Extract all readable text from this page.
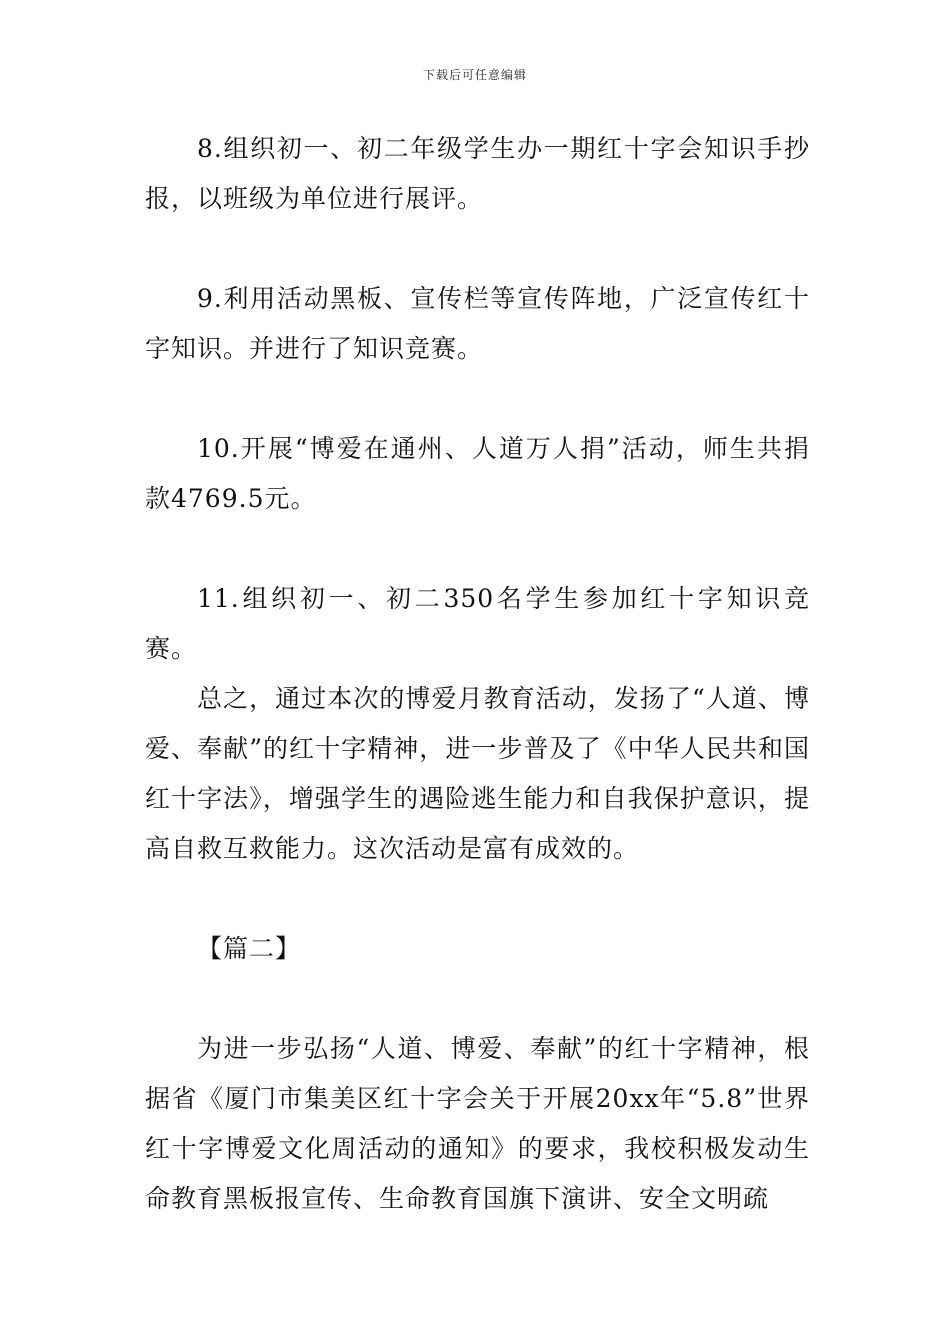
下载后可任意编辑

8.组织初一、初二年级学生办一期红十字会知识手抄报，以班级为单位进行展评。

9.利用活动黑板、宣传栏等宣传阵地，广泛宣传红十字知识。并进行了知识竞赛。

10.开展“博爱在通州、人道万人捐”活动，师生共捐款4769.5元。

11.组织初一、初二350名学生参加红十字知识竞赛。

总之，通过本次的博爱月教育活动，发扬了“人道、博爱、奉献”的红十字精神，进一步普及了《中华人民共和国红十字法》，增强学生的遇险逃生能力和自我保护意识，提高自救互救能力。这次活动是富有成效的。

【篇二】

为进一步弘扬“人道、博爱、奉献”的红十字精神，根据省《厦门市集美区红十字会关于开展20xx年“5.8”世界红十字博爱文化周活动的通知》的要求，我校积极发动生命教育黑板报宣传、生命教育国旗下演讲、安全文明疏
